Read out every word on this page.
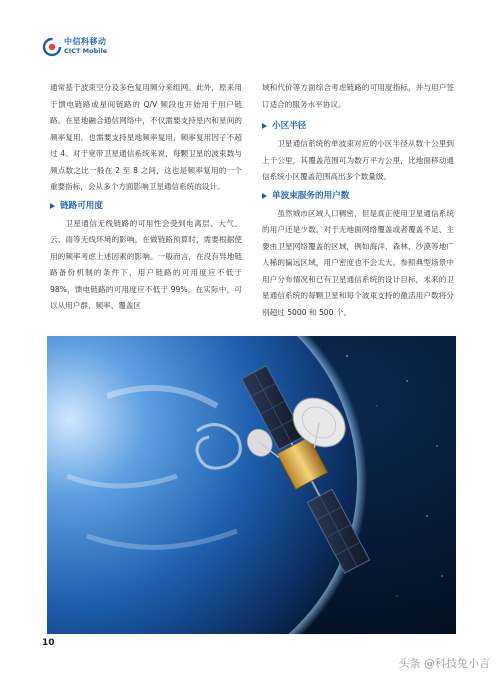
中信科移动
CICT Mobile

通常基于波束空分及多色复用频分来组网。此外，原来用于馈电链路或星间链路的 Q/V 频段也开始用于用户链路。在星地融合通信网络中，不仅需要支持星内和星间的频率复用，也需要支持星地频率复用，频率复用因子不超过 4。对于宽带卫星通信系统来说，每颗卫星的波束数与频点数之比一般在 2 至 8 之间，这也是频率复用的一个重要指标，会从多个方面影响卫星通信系统的设计。

链路可用度

卫星通信无线链路的可用性会受到电离层、大气、云、雨等无线环境的影响。在做链路预算时，需要根据使用的频率考虑上述因素的影响。一般而言，在没有异地链路备份机制的条件下，用户链路的可用度应不低于 98%，馈电链路的可用度应不低于 99%。在实际中，可以从用户群、频率、覆盖区

域和代价等方面综合考虑链路的可用度指标，并与用户签订适合的服务水平协议。

小区半径

卫星通信系统的单波束对应的小区半径从数十公里到上千公里，其覆盖范围可为数万平方公里，比地面移动通信系统小区覆盖范围高出多个数量级。

单波束服务的用户数

虽然城市区域人口稠密，但是真正使用卫星通信系统的用户还是少数。对于无地面网络覆盖或者覆盖不足、主要由卫星网络覆盖的区域，例如海洋、森林、沙漠等地广人稀的偏远区域，用户密度也不会太大。参照典型场景中用户分布情况和已有卫星通信系统的设计目标，未来的卫星通信系统的每颗卫星和每个波束支持的激活用户数将分别超过 5000 和 500 个。

10
头条 @科技兔小言
